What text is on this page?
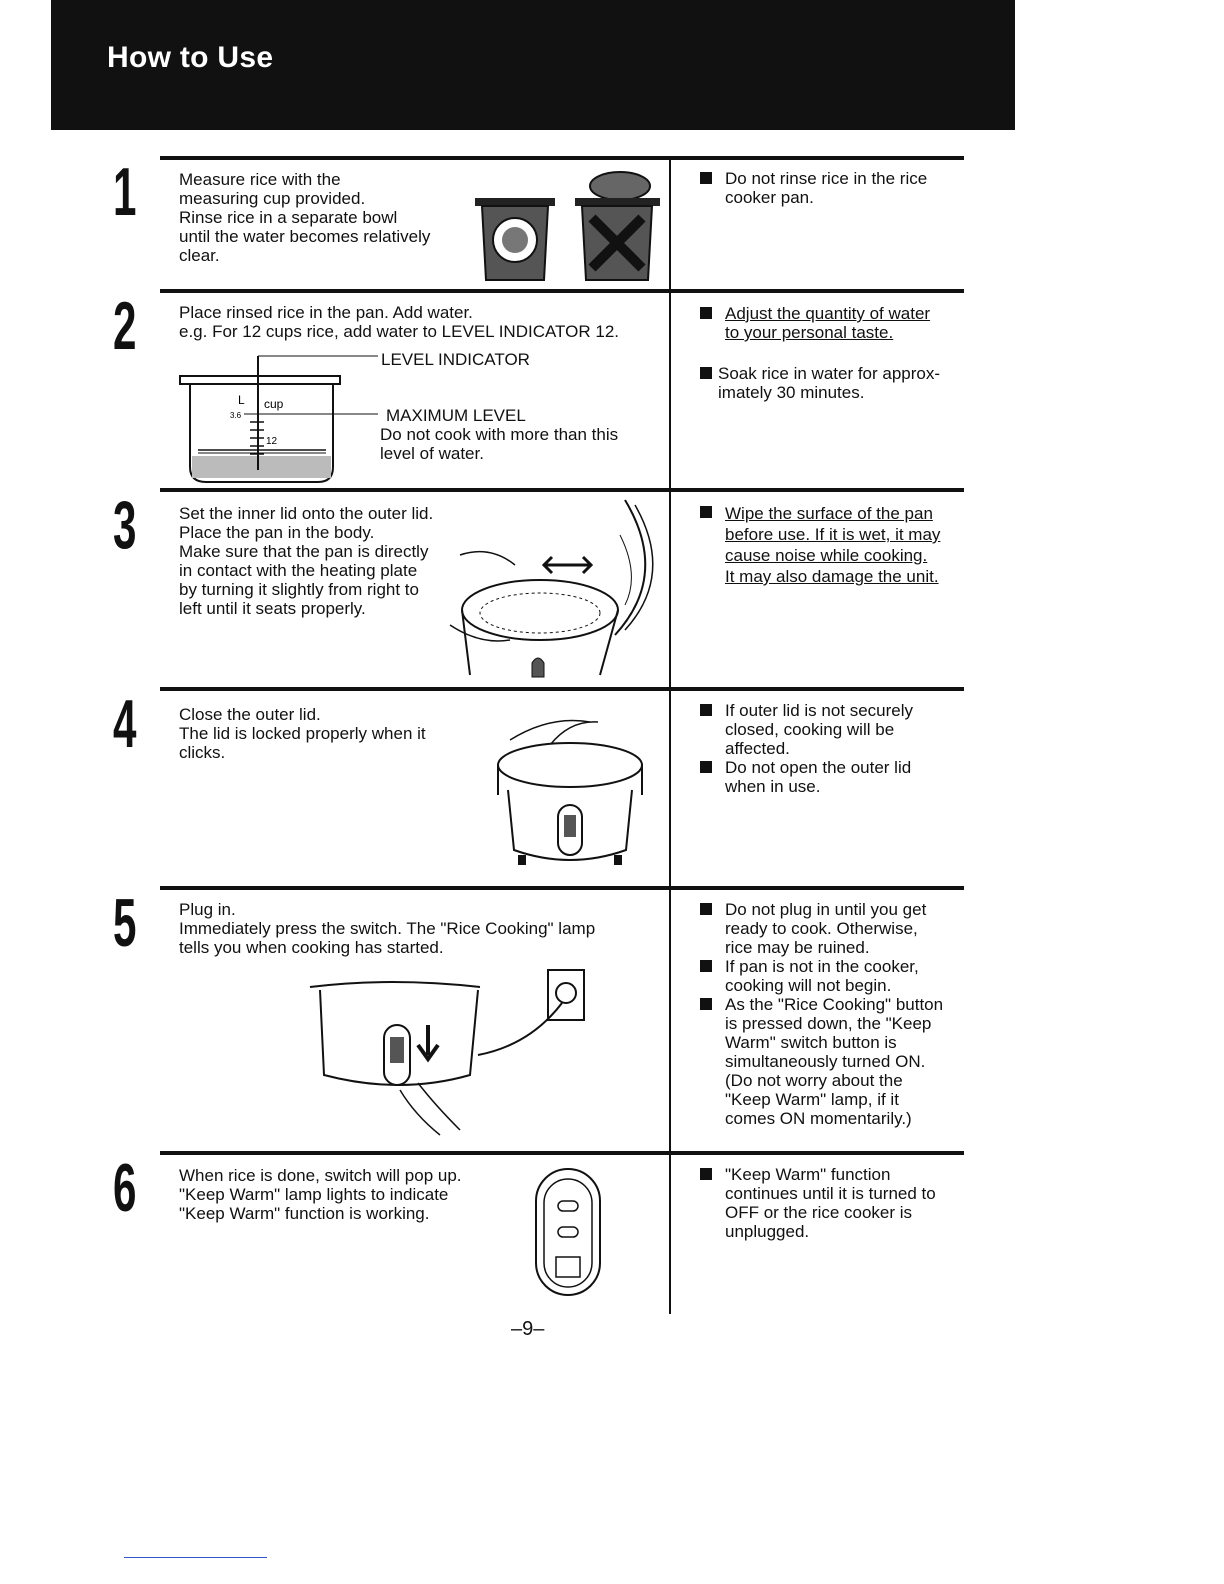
How to Use
1	Measure rice with the
measuring cup provided.
Rinse rice in a separate bowl
until the water becomes relatively
clear.
Do not rinse rice in the rice
cooker pan.
2	Place rinsed rice in the pan. Add water.
e.g. For 12 cups rice, add water to LEVEL INDICATOR 12.
L cup
3.6
12
LEVEL INDICATOR
MAXIMUM LEVEL
Do not cook with more than this
level of water.
Adjust the quantity of water
to your personal taste.
Soak rice in water for approx-
imately 30 minutes.
3	Set the inner lid onto the outer lid.
Place the pan in the body.
Make sure that the pan is directly
in contact with the heating plate
by turning it slightly from right to
left until it seats properly.
Wipe the surface of the pan
before use. If it is wet, it may
cause noise while cooking.
It may also damage the unit.
4	Close the outer lid.
The lid is locked properly when it
clicks.
If outer lid is not securely
closed, cooking will be
affected.
Do not open the outer lid
when in use.
5	Plug in.
Immediately press the switch. The "Rice Cooking" lamp
tells you when cooking has started.
Do not plug in until you get
ready to cook. Otherwise,
rice may be ruined.
If pan is not in the cooker,
cooking will not begin.
As the "Rice Cooking" button
is pressed down, the "Keep
Warm" switch button is
simultaneously turned ON.
(Do not worry about the
"Keep Warm" lamp, if it
comes ON momentarily.)
6	When rice is done, switch will pop up.
"Keep Warm" lamp lights to indicate
"Keep Warm" function is working.
"Keep Warm" function
continues until it is turned to
OFF or the rice cooker is
unplugged.
–9–
